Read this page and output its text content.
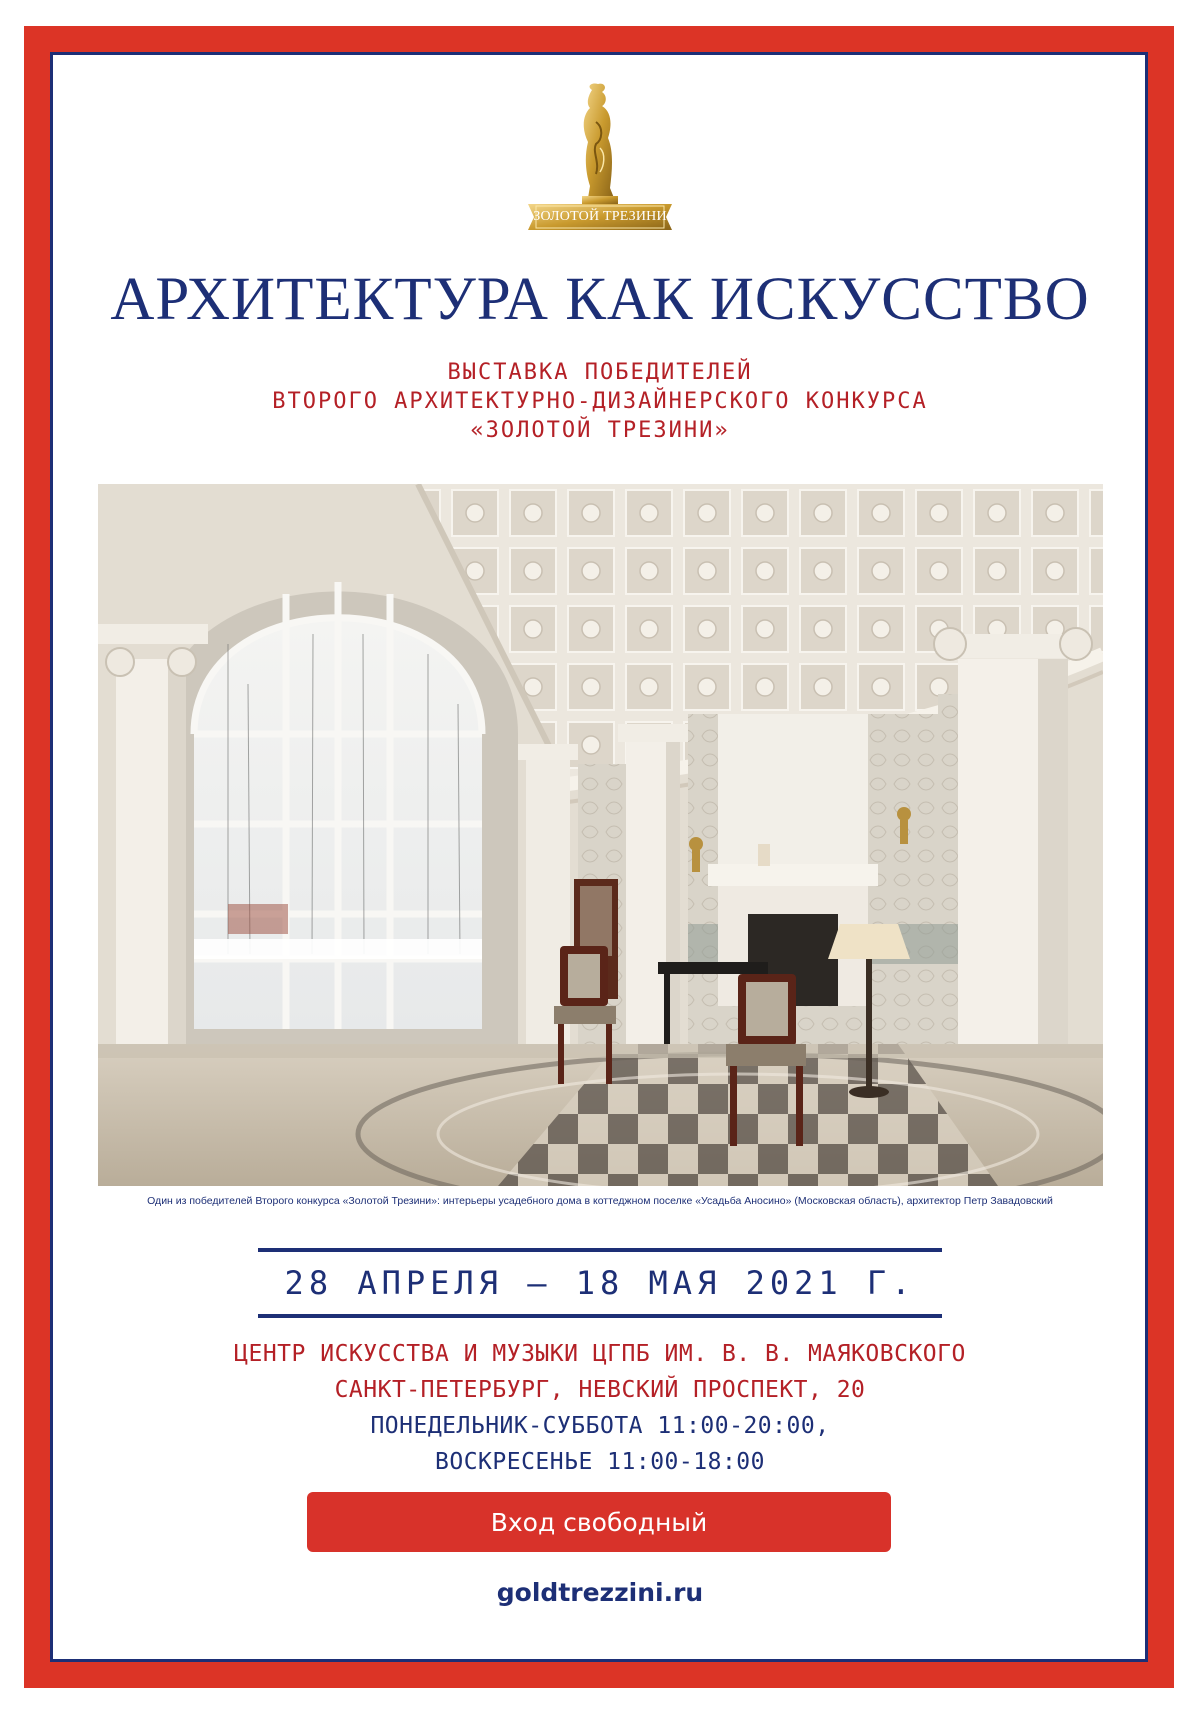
ЗОЛОТОЙ ТРЕЗИНИ
АРХИТЕКТУРА КАК ИСКУССТВО
ВЫСТАВКА ПОБЕДИТЕЛЕЙ
ВТОРОГО АРХИТЕКТУРНО-ДИЗАЙНЕРСКОГО КОНКУРСА
«ЗОЛОТОЙ ТРЕЗИНИ»
Один из победителей Второго конкурса «Золотой Трезини»: интерьеры усадебного дома в коттеджном поселке «Усадьба Аносино» (Московская область), архитектор Петр Завадовский
28 АПРЕЛЯ – 18 МАЯ 2021 Г.
ЦЕНТР ИСКУССТВА И МУЗЫКИ ЦГПБ ИМ. В. В. МАЯКОВСКОГО
САНКТ-ПЕТЕРБУРГ, НЕВСКИЙ ПРОСПЕКТ, 20
ПОНЕДЕЛЬНИК-СУББОТА 11:00-20:00,
ВОСКРЕСЕНЬЕ 11:00-18:00
Вход свободный
goldtrezzini.ru
